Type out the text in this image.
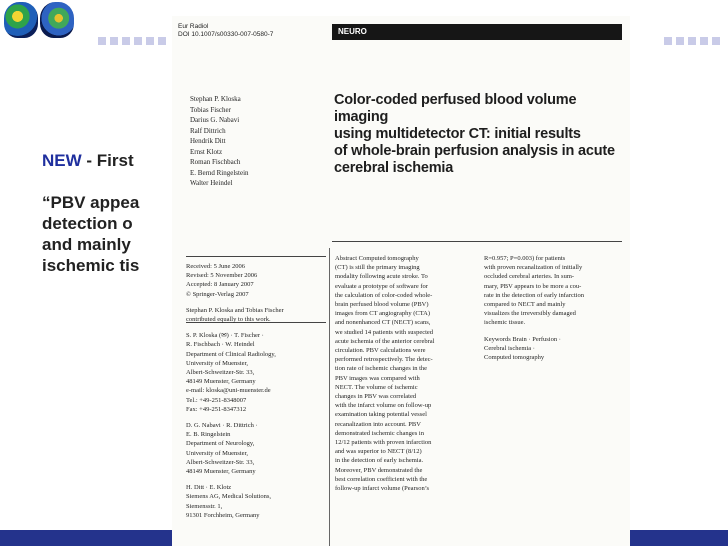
NEW - First

“PBV appea

detection o

and mainly

ischemic tis

Eur Radiol
DOI 10.1007/s00330-007-0580-7	NEURO
Stephan P. Kloska
Tobias Fischer
Darius G. Nabavi
Ralf Dittrich
Hendrik Ditt
Ernst Klotz
Roman Fischbach
E. Bernd Ringelstein
Walter Heindel
Color-coded perfused blood volume imaging
using multidetector CT: initial results
of whole-brain perfusion analysis in acute
cerebral ischemia

Received: 5 June 2006

Revised: 5 November 2006

Accepted: 8 January 2007

© Springer-Verlag 2007

Stephan P. Kloska and Tobias Fischer

contributed equally to this work.

S. P. Kloska (✉) · T. Fischer ·

R. Fischbach · W. Heindel

Department of Clinical Radiology,

University of Muenster,

Albert-Schweitzer-Str. 33,

48149 Muenster, Germany

e-mail: kloska@uni-muenster.de

Tel.: +49-251-8348007

Fax: +49-251-8347312

D. G. Nabavi · R. Dittrich ·

E. B. Ringelstein

Department of Neurology,

University of Muenster,

Albert-Schweitzer-Str. 33,

48149 Muenster, Germany

H. Ditt · E. Klotz

Siemens AG, Medical Solutions,

Siemensstr. 1,

91301 Forchheim, Germany

Abstract Computed tomography

(CT) is still the primary imaging

modality following acute stroke. To

evaluate a prototype of software for

the calculation of color-coded whole-

brain perfused blood volume (PBV)

images from CT angiography (CTA)

and nonenhanced CT (NECT) scans,

we studied 14 patients with suspected

acute ischemia of the anterior cerebral

circulation. PBV calculations were

performed retrospectively. The detec-

tion rate of ischemic changes in the

PBV images was compared with

NECT. The volume of ischemic

changes in PBV was correlated

with the infarct volume on follow-up

examination taking potential vessel

recanalization into account. PBV

demonstrated ischemic changes in

12/12 patients with proven infarction

and was superior to NECT (8/12)

in the detection of early ischemia.

Moreover, PBV demonstrated the

best correlation coefficient with the

follow-up infarct volume (Pearson’s

R=0.957; P=0.003) for patients

with proven recanalization of initially

occluded cerebral arteries. In sum-

mary, PBV appears to be more a cou-

rate in the detection of early infarction

compared to NECT and mainly

visualizes the irreversibly damaged

ischemic tissue.

Keywords Brain · Perfusion ·

Cerebral ischemia ·

Computed tomography
